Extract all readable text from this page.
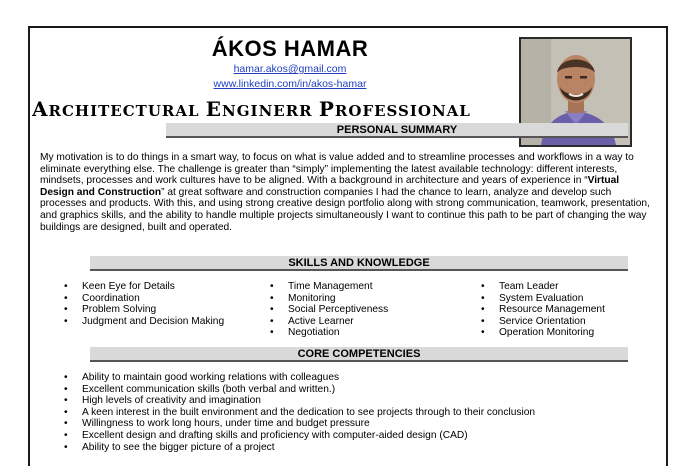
ÁKOS HAMAR
hamar.akos@gmail.com
www.linkedin.com/in/akos-hamar
ARCHITECTURAL ENGINERR PROFESSIONAL
PERSONAL SUMMARY
My motivation is to do things in a smart way, to focus on what is value added and to streamline processes and workflows in a way to eliminate everything else. The challenge is greater than “simply” implementing the latest available technology: different interests, mindsets, processes and work cultures have to be aligned. With a background in architecture and years of experience in “Virtual Design and Construction” at great software and construction companies I had the chance to learn, analyze and develop such processes and products. With this, and using strong creative design portfolio along with strong communication, teamwork, presentation, and graphics skills, and the ability to handle multiple projects simultaneously I want to continue this path to be part of changing the way buildings are designed, built and operated.
SKILLS AND KNOWLEDGE
• Keen Eye for Details
• Coordination
• Problem Solving
• Judgment and Decision Making
• Time Management
• Monitoring
• Social Perceptiveness
• Active Learner
• Negotiation
• Team Leader
• System Evaluation
• Resource Management
• Service Orientation
• Operation Monitoring
CORE COMPETENCIES
• Ability to maintain good working relations with colleagues
• Excellent communication skills (both verbal and written.)
• High levels of creativity and imagination
• A keen interest in the built environment and the dedication to see projects through to their conclusion
• Willingness to work long hours, under time and budget pressure
• Excellent design and drafting skills and proficiency with computer-aided design (CAD)
• Ability to see the bigger picture of a project
